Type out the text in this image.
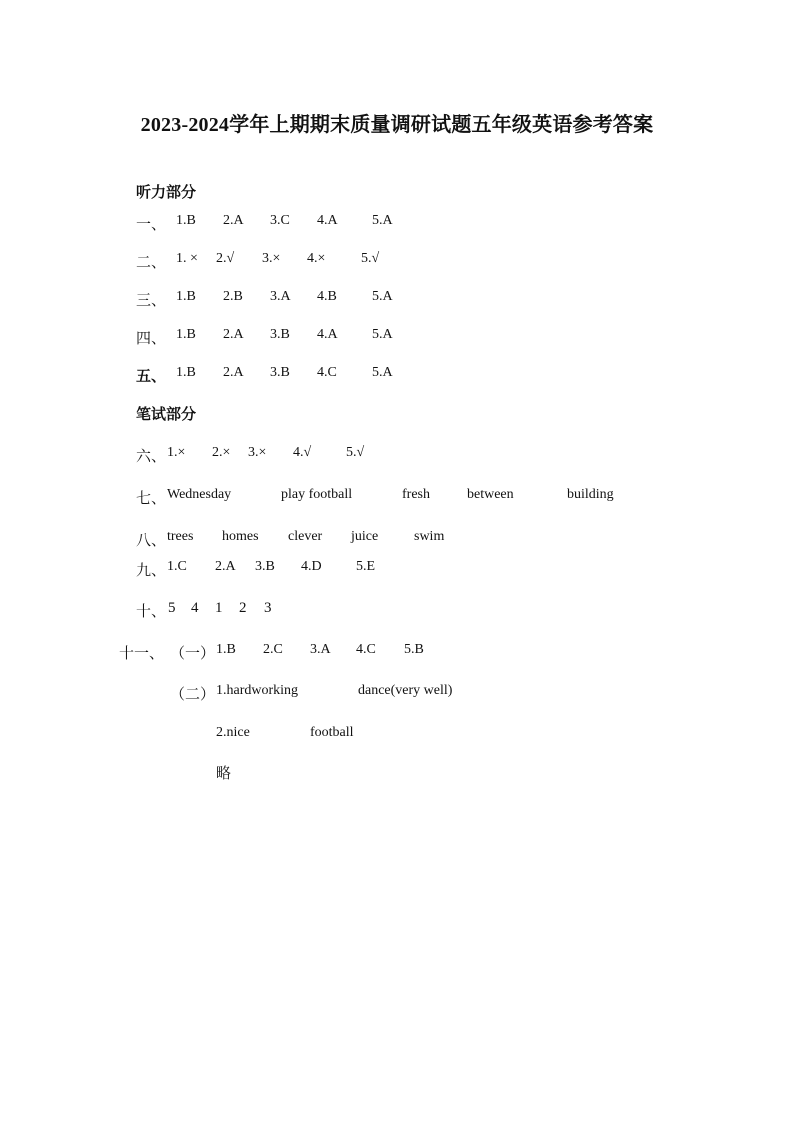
2023-2024学年上期期末质量调研试题五年级英语参考答案
听力部分
一、 1.B 2.A 3.C 4.A 5.A
二、 1. × 2.√ 3.× 4.×	5.√
三、 1.B 2.B 3.A 4.B	5.A
四、 1.B 2.A 3.B 4.A 5.A
五、 1.B 2.A 3.B 4.C	5.A
笔试部分
六、 1.× 2.× 3.× 4.√ 5.√
七、 Wednesday	play football	fresh	between	building
八、 trees homes clever juice	swim
九、 1.C 2.A 3.B 4.D 5.E
十、 5 4 1 2 3
十一、 （一） 1.B 2.C 3.A 4.C 5.B
（二） 1.hardworking	dance(very well)
2.nice	football
略
